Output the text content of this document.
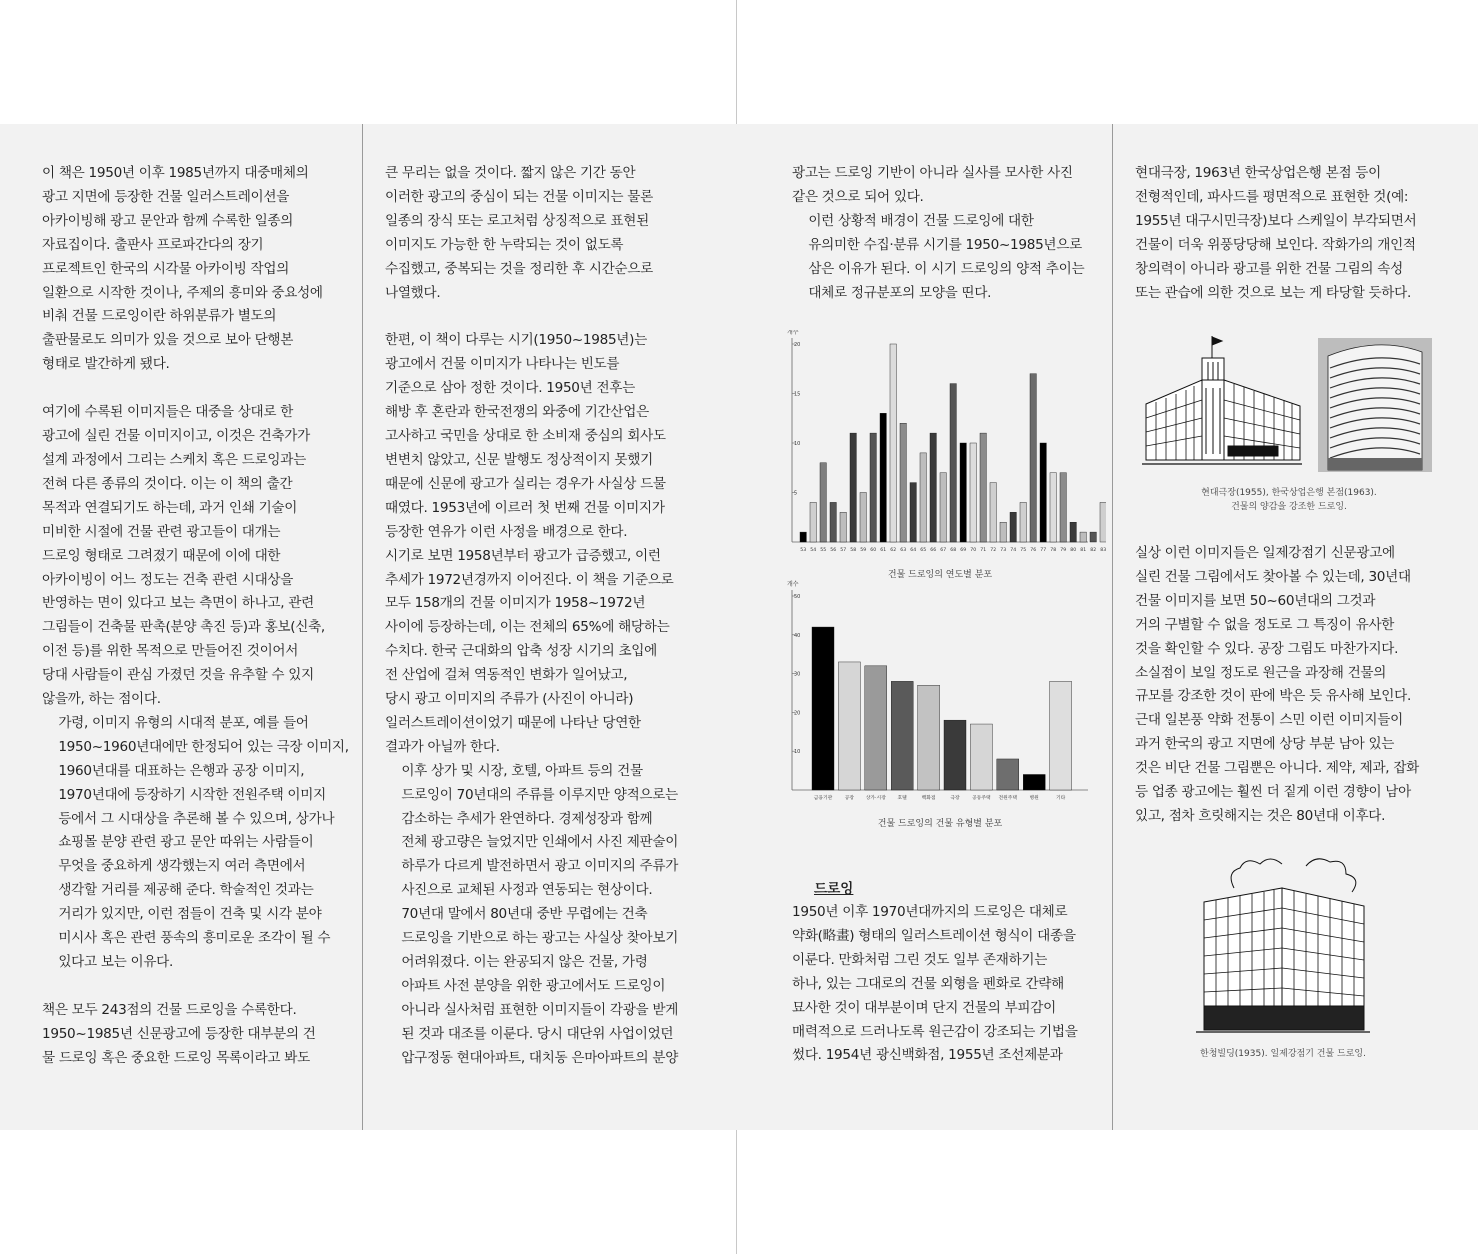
이 책은 1950년 이후 1985년까지 대중매체의
광고 지면에 등장한 건물 일러스트레이션을
아카이빙해 광고 문안과 함께 수록한 일종의
자료집이다. 출판사 프로파간다의 장기
프로젝트인 한국의 시각물 아카이빙 작업의
일환으로 시작한 것이나, 주제의 흥미와 중요성에
비춰 건물 드로잉이란 하위분류가 별도의
출판물로도 의미가 있을 것으로 보아 단행본
형태로 발간하게 됐다.

여기에 수록된 이미지들은 대중을 상대로 한
광고에 실린 건물 이미지이고, 이것은 건축가가
설계 과정에서 그리는 스케치 혹은 드로잉과는
전혀 다른 종류의 것이다. 이는 이 책의 출간
목적과 연결되기도 하는데, 과거 인쇄 기술이
미비한 시절에 건물 관련 광고들이 대개는
드로잉 형태로 그려졌기 때문에 이에 대한
아카이빙이 어느 정도는 건축 관련 시대상을
반영하는 면이 있다고 보는 측면이 하나고, 관련
그림들이 건축물 판촉(분양 촉진 등)과 홍보(신축,
이전 등)를 위한 목적으로 만들어진 것이어서
당대 사람들이 관심 가졌던 것을 유추할 수 있지
않을까, 하는 점이다.

가령, 이미지 유형의 시대적 분포, 예를 들어
1950~1960년대에만 한정되어 있는 극장 이미지,
1960년대를 대표하는 은행과 공장 이미지,
1970년대에 등장하기 시작한 전원주택 이미지
등에서 그 시대상을 추론해 볼 수 있으며, 상가나
쇼핑몰 분양 관련 광고 문안 따위는 사람들이
무엇을 중요하게 생각했는지 여러 측면에서
생각할 거리를 제공해 준다. 학술적인 것과는
거리가 있지만, 이런 점들이 건축 및 시각 분야
미시사 혹은 관련 풍속의 흥미로운 조각이 될 수
있다고 보는 이유다.

책은 모두 243점의 건물 드로잉을 수록한다.
1950~1985년 신문광고에 등장한 대부분의 건
물 드로잉 혹은 중요한 드로잉 목록이라고 봐도

큰 무리는 없을 것이다. 짧지 않은 기간 동안
이러한 광고의 중심이 되는 건물 이미지는 물론
일종의 장식 또는 로고처럼 상징적으로 표현된
이미지도 가능한 한 누락되는 것이 없도록
수집했고, 중복되는 것을 정리한 후 시간순으로
나열했다.

한편, 이 책이 다루는 시기(1950~1985년)는
광고에서 건물 이미지가 나타나는 빈도를
기준으로 삼아 정한 것이다. 1950년 전후는
해방 후 혼란과 한국전쟁의 와중에 기간산업은
고사하고 국민을 상대로 한 소비재 중심의 회사도
변변치 않았고, 신문 발행도 정상적이지 못했기
때문에 신문에 광고가 실리는 경우가 사실상 드물
때였다. 1953년에 이르러 첫 번째 건물 이미지가
등장한 연유가 이런 사정을 배경으로 한다.
시기로 보면 1958년부터 광고가 급증했고, 이런
추세가 1972년경까지 이어진다. 이 책을 기준으로
모두 158개의 건물 이미지가 1958~1972년
사이에 등장하는데, 이는 전체의 65%에 해당하는
수치다. 한국 근대화의 압축 성장 시기의 초입에
전 산업에 걸쳐 역동적인 변화가 일어났고,
당시 광고 이미지의 주류가 (사진이 아니라)
일러스트레이션이었기 때문에 나타난 당연한
결과가 아닐까 한다.

이후 상가 및 시장, 호텔, 아파트 등의 건물
드로잉이 70년대의 주류를 이루지만 양적으로는
감소하는 추세가 완연하다. 경제성장과 함께
전체 광고량은 늘었지만 인쇄에서 사진 제판술이
하루가 다르게 발전하면서 광고 이미지의 주류가
사진으로 교체된 사정과 연동되는 현상이다.
70년대 말에서 80년대 중반 무렵에는 건축
드로잉을 기반으로 하는 광고는 사실상 찾아보기
어려워졌다. 이는 완공되지 않은 건물, 가령
아파트 사전 분양을 위한 광고에서도 드로잉이
아니라 실사처럼 표현한 이미지들이 각광을 받게
된 것과 대조를 이룬다. 당시 대단위 사업이었던
압구정동 현대아파트, 대치동 은마아파트의 분양

광고는 드로잉 기반이 아니라 실사를 모사한 사진
같은 것으로 되어 있다.

이런 상황적 배경이 건물 드로잉에 대한
유의미한 수집·분류 시기를 1950~1985년으로
삼은 이유가 된다. 이 시기 드로잉의 양적 추이는
대체로 정규분포의 모양을 띤다.

개수
5
10
15
20
53 54 55 56 57 58 59 60 61 62 63 64 65 66 67 68 69 70 71 72 73 74 75 76 77 78 79 80 81 82 83
건물 드로잉의 연도별 분포
개수
10
20
30
40
50
금융기관	공장 상가·시장 호텔	백화점	극장	공동주택 전원주택	병원	기타
건물 드로잉의 건물 유형별 분포
드로잉

1950년 이후 1970년대까지의 드로잉은 대체로
약화(略畫) 형태의 일러스트레이션 형식이 대종을
이룬다. 만화처럼 그린 것도 일부 존재하기는
하나, 있는 그대로의 건물 외형을 펜화로 간략해
묘사한 것이 대부분이며 단지 건물의 부피감이
매력적으로 드러나도록 원근감이 강조되는 기법을
썼다. 1954년 광신백화점, 1955년 조선제분과

현대극장, 1963년 한국상업은행 본점 등이
전형적인데, 파사드를 평면적으로 표현한 것(예:
1955년 대구시민극장)보다 스케일이 부각되면서
건물이 더욱 위풍당당해 보인다. 작화가의 개인적
창의력이 아니라 광고를 위한 건물 그림의 속성
또는 관습에 의한 것으로 보는 게 타당할 듯하다.

현대극장(1955), 한국상업은행 본점(1963).
건물의 양감을 강조한 드로잉.

실상 이런 이미지들은 일제강점기 신문광고에
실린 건물 그림에서도 찾아볼 수 있는데, 30년대
건물 이미지를 보면 50~60년대의 그것과
거의 구별할 수 없을 정도로 그 특징이 유사한
것을 확인할 수 있다. 공장 그림도 마찬가지다.
소실점이 보일 정도로 원근을 과장해 건물의
규모를 강조한 것이 판에 박은 듯 유사해 보인다.
근대 일본풍 약화 전통이 스민 이런 이미지들이
과거 한국의 광고 지면에 상당 부분 남아 있는
것은 비단 건물 그림뿐은 아니다. 제약, 제과, 잡화
등 업종 광고에는 훨씬 더 짙게 이런 경향이 남아
있고, 점차 흐릿해지는 것은 80년대 이후다.

한청빌딩(1935). 일제강점기 건물 드로잉.
